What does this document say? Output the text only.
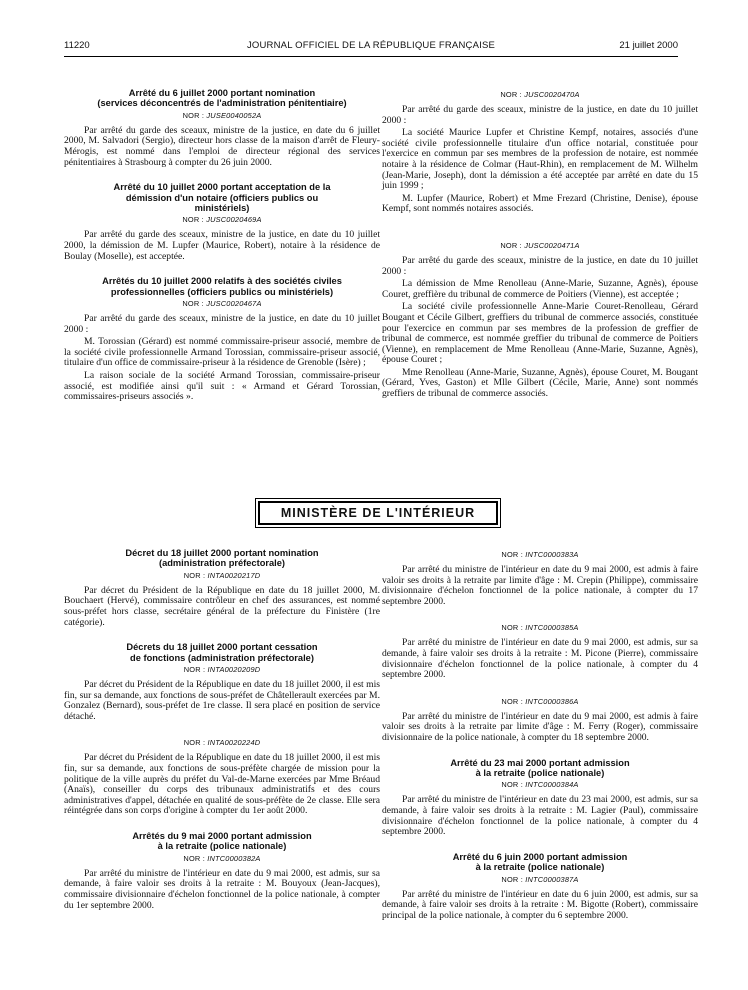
11220	JOURNAL OFFICIEL DE LA RÉPUBLIQUE FRANÇAISE	21 juillet 2000
Arrêté du 6 juillet 2000 portant nomination
(services déconcentrés de l'administration pénitentiaire)
NOR : JUSE0040052A

Par arrêté du garde des sceaux, ministre de la justice, en date du 6 juillet 2000, M. Salvadori (Sergio), directeur hors classe de la maison d'arrêt de Fleury-Mérogis, est nommé dans l'emploi de directeur régional des services pénitentiaires à Strasbourg à compter du 26 juin 2000.

Arrêté du 10 juillet 2000 portant acceptation de la
démission d'un notaire (officiers publics ou
ministériels)
NOR : JUSC0020469A

Par arrêté du garde des sceaux, ministre de la justice, en date du 10 juillet 2000, la démission de M. Lupfer (Maurice, Robert), notaire à la résidence de Boulay (Moselle), est acceptée.

Arrêtés du 10 juillet 2000 relatifs à des sociétés civiles
professionnelles (officiers publics ou ministériels)
NOR : JUSC0020467A

Par arrêté du garde des sceaux, ministre de la justice, en date du 10 juillet 2000 :

M. Torossian (Gérard) est nommé commissaire-priseur associé, membre de la société civile professionnelle Armand Torossian, commissaire-priseur associé, titulaire d'un office de commissaire-priseur à la résidence de Grenoble (Isère) ;

La raison sociale de la société Armand Torossian, commissaire-priseur associé, est modifiée ainsi qu'il suit : « Armand et Gérard Torossian, commissaires-priseurs associés ».

NOR : JUSC0020470A

Par arrêté du garde des sceaux, ministre de la justice, en date du 10 juillet 2000 :

La société Maurice Lupfer et Christine Kempf, notaires, associés d'une société civile professionnelle titulaire d'un office notarial, constituée pour l'exercice en commun par ses membres de la profession de notaire, est nommée notaire à la résidence de Colmar (Haut-Rhin), en remplacement de M. Wilhelm (Jean-Marie, Joseph), dont la démission a été acceptée par arrêté en date du 15 juin 1999 ;

M. Lupfer (Maurice, Robert) et Mme Frezard (Christine, Denise), épouse Kempf, sont nommés notaires associés.

NOR : JUSC0020471A

Par arrêté du garde des sceaux, ministre de la justice, en date du 10 juillet 2000 :

La démission de Mme Renolleau (Anne-Marie, Suzanne, Agnès), épouse Couret, greffière du tribunal de commerce de Poitiers (Vienne), est acceptée ;

La société civile professionnelle Anne-Marie Couret-Renolleau, Gérard Bougant et Cécile Gilbert, greffiers du tribunal de commerce associés, constituée pour l'exercice en commun par ses membres de la profession de greffier de tribunal de commerce, est nommée greffier du tribunal de commerce de Poitiers (Vienne), en remplacement de Mme Renolleau (Anne-Marie, Suzanne, Agnès), épouse Couret ;

Mme Renolleau (Anne-Marie, Suzanne, Agnès), épouse Couret, M. Bougant (Gérard, Yves, Gaston) et Mlle Gilbert (Cécile, Marie, Anne) sont nommés greffiers de tribunal de commerce associés.

MINISTÈRE DE L'INTÉRIEUR
Décret du 18 juillet 2000 portant nomination
(administration préfectorale)
NOR : INTA0020217D

Par décret du Président de la République en date du 18 juillet 2000, M. Bouchaert (Hervé), commissaire contrôleur en chef des assurances, est nommé sous-préfet hors classe, secrétaire général de la préfecture du Finistère (1re catégorie).

Décrets du 18 juillet 2000 portant cessation
de fonctions (administration préfectorale)
NOR : INTA0020209D

Par décret du Président de la République en date du 18 juillet 2000, il est mis fin, sur sa demande, aux fonctions de sous-préfet de Châtellerault exercées par M. Gonzalez (Bernard), sous-préfet de 1re classe. Il sera placé en position de service détaché.

NOR : INTA0020224D

Par décret du Président de la République en date du 18 juillet 2000, il est mis fin, sur sa demande, aux fonctions de sous-préfète chargée de mission pour la politique de la ville auprès du préfet du Val-de-Marne exercées par Mme Bréaud (Anaïs), conseiller du corps des tribunaux administratifs et des cours administratives d'appel, détachée en qualité de sous-préfète de 2e classe. Elle sera réintégrée dans son corps d'origine à compter du 1er août 2000.

Arrêtés du 9 mai 2000 portant admission
à la retraite (police nationale)
NOR : INTC0000382A

Par arrêté du ministre de l'intérieur en date du 9 mai 2000, est admis, sur sa demande, à faire valoir ses droits à la retraite : M. Bouyoux (Jean-Jacques), commissaire divisionnaire d'échelon fonctionnel de la police nationale, à compter du 1er septembre 2000.

NOR : INTC0000383A

Par arrêté du ministre de l'intérieur en date du 9 mai 2000, est admis à faire valoir ses droits à la retraite par limite d'âge : M. Crepin (Philippe), commissaire divisionnaire d'échelon fonctionnel de la police nationale, à compter du 17 septembre 2000.

NOR : INTC0000385A

Par arrêté du ministre de l'intérieur en date du 9 mai 2000, est admis, sur sa demande, à faire valoir ses droits à la retraite : M. Picone (Pierre), commissaire divisionnaire d'échelon fonctionnel de la police nationale, à compter du 4 septembre 2000.

NOR : INTC0000386A

Par arrêté du ministre de l'intérieur en date du 9 mai 2000, est admis à faire valoir ses droits à la retraite par limite d'âge : M. Ferry (Roger), commissaire divisionnaire de la police nationale, à compter du 18 septembre 2000.

Arrêté du 23 mai 2000 portant admission
à la retraite (police nationale)
NOR : INTC0000384A

Par arrêté du ministre de l'intérieur en date du 23 mai 2000, est admis, sur sa demande, à faire valoir ses droits à la retraite : M. Lagier (Paul), commissaire divisionnaire d'échelon fonctionnel de la police nationale, à compter du 4 septembre 2000.

Arrêté du 6 juin 2000 portant admission
à la retraite (police nationale)
NOR : INTC0000387A

Par arrêté du ministre de l'intérieur en date du 6 juin 2000, est admis, sur sa demande, à faire valoir ses droits à la retraite : M. Bigotte (Robert), commissaire principal de la police nationale, à compter du 6 septembre 2000.
